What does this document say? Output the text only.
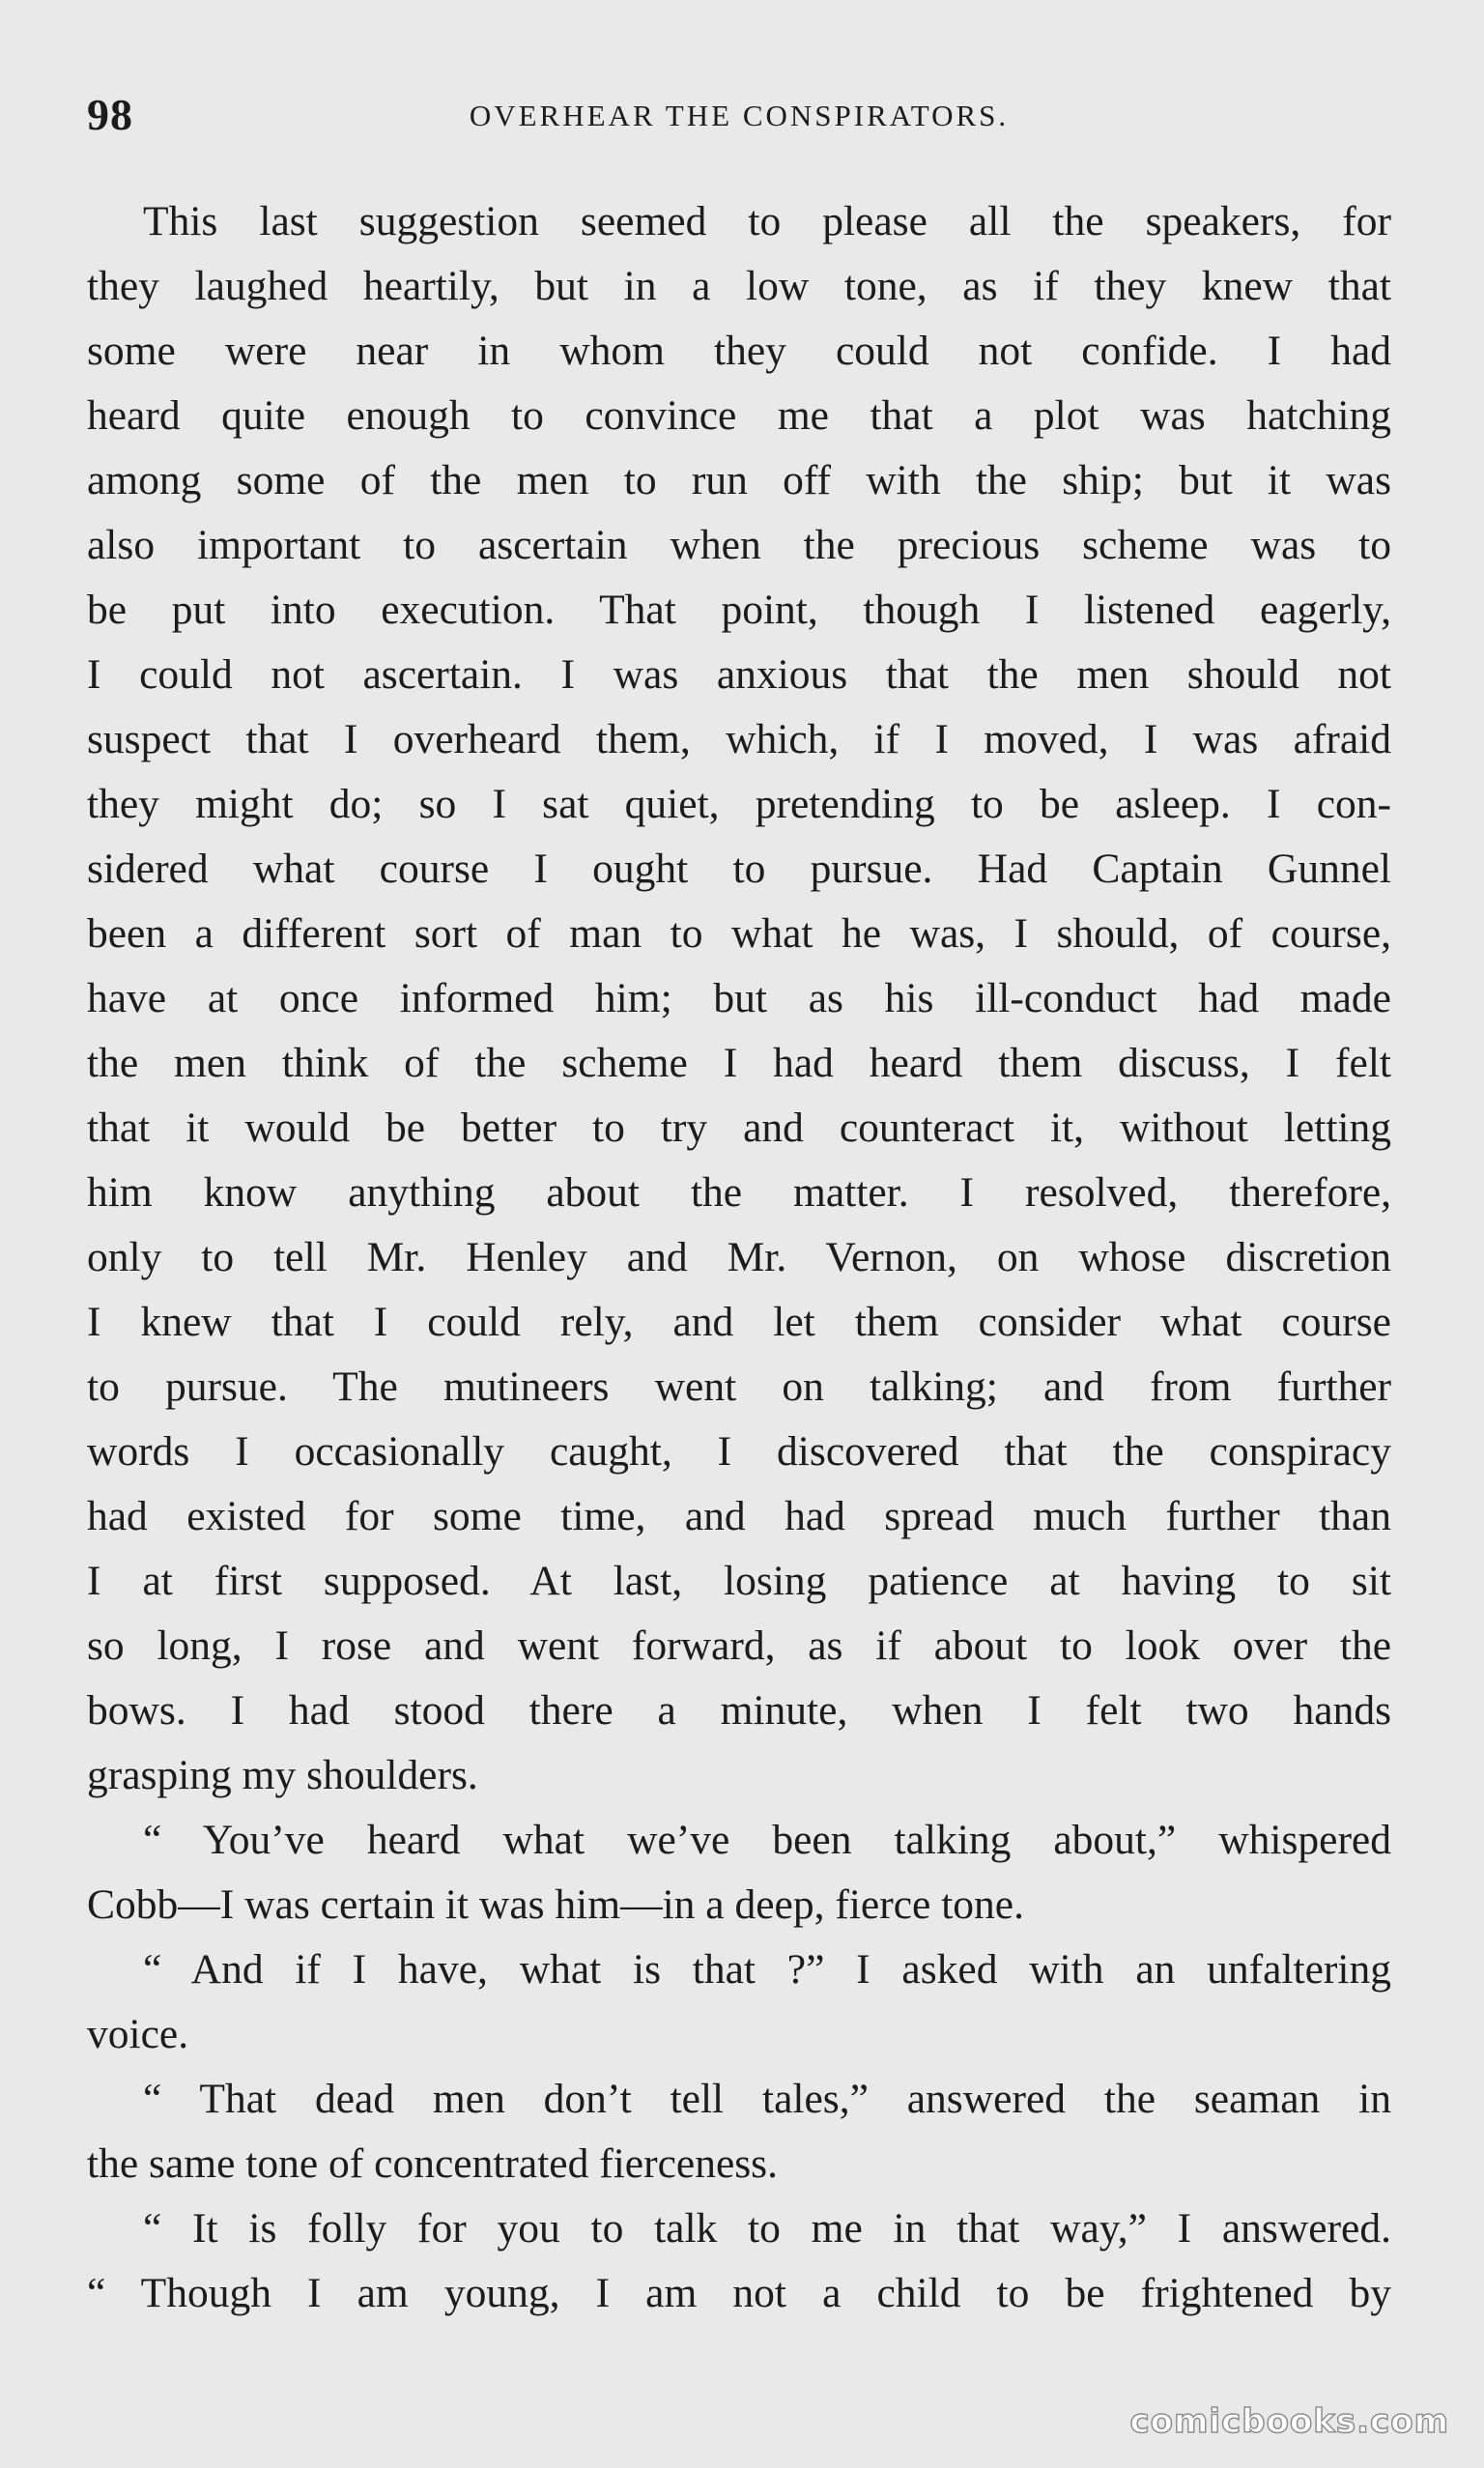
98	OVERHEAR THE CONSPIRATORS.
This last suggestion seemed to please all the speakers, for
they laughed heartily, but in a low tone, as if they knew that
some were near in whom they could not confide. I had
heard quite enough to convince me that a plot was hatching
among some of the men to run off with the ship; but it was
also important to ascertain when the precious scheme was to
be put into execution. That point, though I listened eagerly,
I could not ascertain. I was anxious that the men should not
suspect that I overheard them, which, if I moved, I was afraid
they might do; so I sat quiet, pretending to be asleep. I con-
sidered what course I ought to pursue. Had Captain Gunnel
been a different sort of man to what he was, I should, of course,
have at once informed him; but as his ill-conduct had made
the men think of the scheme I had heard them discuss, I felt
that it would be better to try and counteract it, without letting
him know anything about the matter. I resolved, therefore,
only to tell Mr. Henley and Mr. Vernon, on whose discretion
I knew that I could rely, and let them consider what course
to pursue. The mutineers went on talking; and from further
words I occasionally caught, I discovered that the conspiracy
had existed for some time, and had spread much further than
I at first supposed. At last, losing patience at having to sit
so long, I rose and went forward, as if about to look over the
bows. I had stood there a minute, when I felt two hands
grasping my shoulders.
“ You’ve heard what we’ve been talking about,” whispered
Cobb—I was certain it was him—in a deep, fierce tone.
“ And if I have, what is that ?” I asked with an unfaltering
voice.
“ That dead men don’t tell tales,” answered the seaman in
the same tone of concentrated fierceness.
“ It is folly for you to talk to me in that way,” I answered.
“ Though I am young, I am not a child to be frightened by
comicbooks.com
